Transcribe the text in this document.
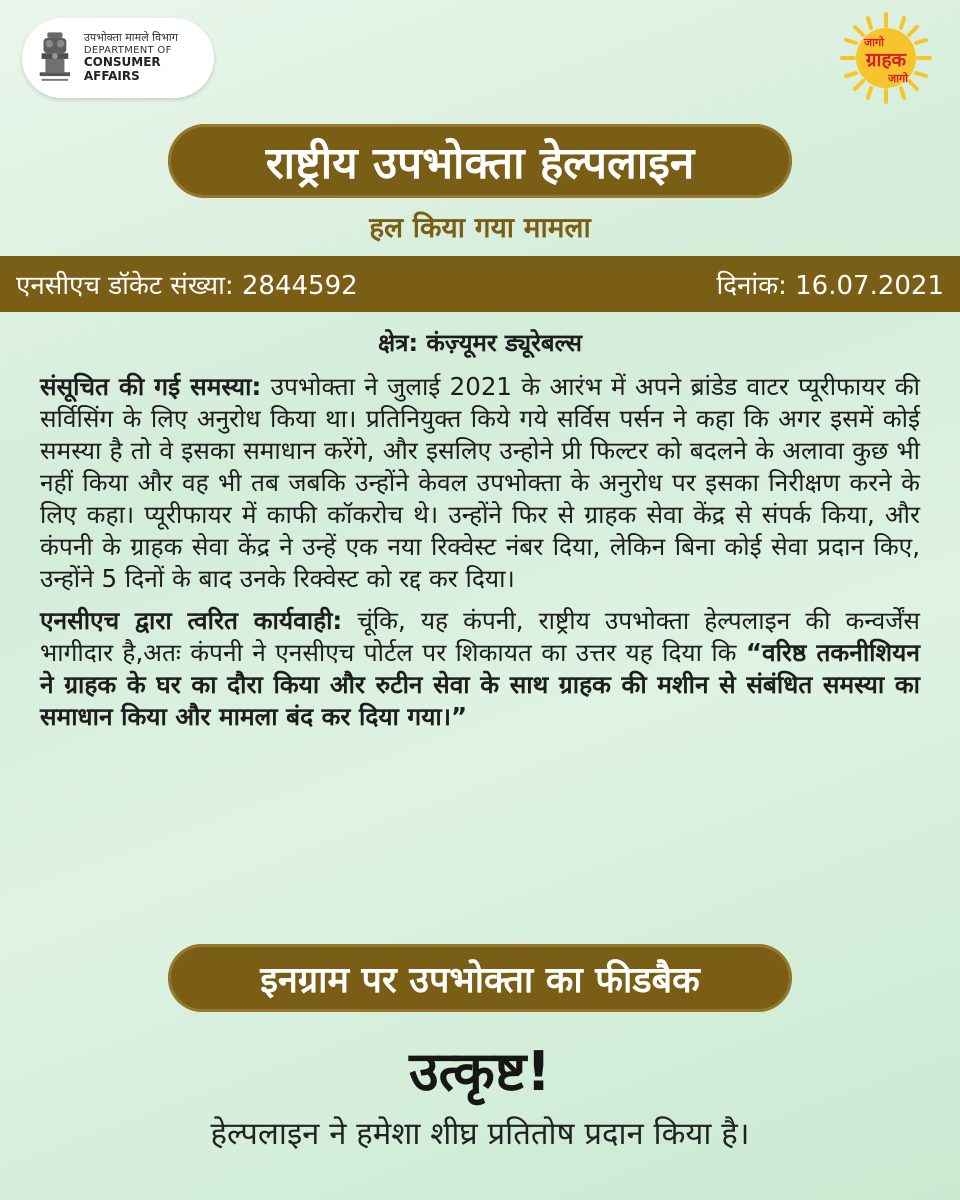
उपभोक्ता मामले विभाग
DEPARTMENT OF
CONSUMER AFFAIRS
जागो
ग्राहक
जागो
राष्ट्रीय उपभोक्ता हेल्पलाइन
हल किया गया मामला
एनसीएच डॉकेट संख्या: 2844592	दिनांक: 16.07.2021
क्षेत्र: कंज़्यूमर ड्यूरेबल्स

संसूचित की गई समस्या: उपभोक्ता ने जुलाई 2021 के आरंभ में अपने ब्रांडेड वाटर प्यूरीफायर की सर्विसिंग के लिए अनुरोध किया था। प्रतिनियुक्त किये गये सर्विस पर्सन ने कहा कि अगर इसमें कोई समस्या है तो वे इसका समाधान करेंगे, और इसलिए उन्होने प्री फिल्टर को बदलने के अलावा कुछ भी नहीं किया और वह भी तब जबकि उन्होंने केवल उपभोक्ता के अनुरोध पर इसका निरीक्षण करने के लिए कहा। प्यूरीफायर में काफी कॉकरोच थे। उन्होंने फिर से ग्राहक सेवा केंद्र से संपर्क किया, और कंपनी के ग्राहक सेवा केंद्र ने उन्हें एक नया रिक्वेस्ट नंबर दिया, लेकिन बिना कोई सेवा प्रदान किए, उन्होंने 5 दिनों के बाद उनके रिक्वेस्ट को रद्द कर दिया।

एनसीएच द्वारा त्वरित कार्यवाही: चूंकि, यह कंपनी, राष्ट्रीय उपभोक्ता हेल्पलाइन की कन्वर्जेंस भागीदार है,अतः कंपनी ने एनसीएच पोर्टल पर शिकायत का उत्तर यह दिया कि “वरिष्ठ तकनीशियन ने ग्राहक के घर का दौरा किया और रुटीन सेवा के साथ ग्राहक की मशीन से संबंधित समस्या का समाधान किया और मामला बंद कर दिया गया।”

इनग्राम पर उपभोक्ता का फीडबैक
उत्कृष्ट!
हेल्पलाइन ने हमेशा शीघ्र प्रतितोष प्रदान किया है।
